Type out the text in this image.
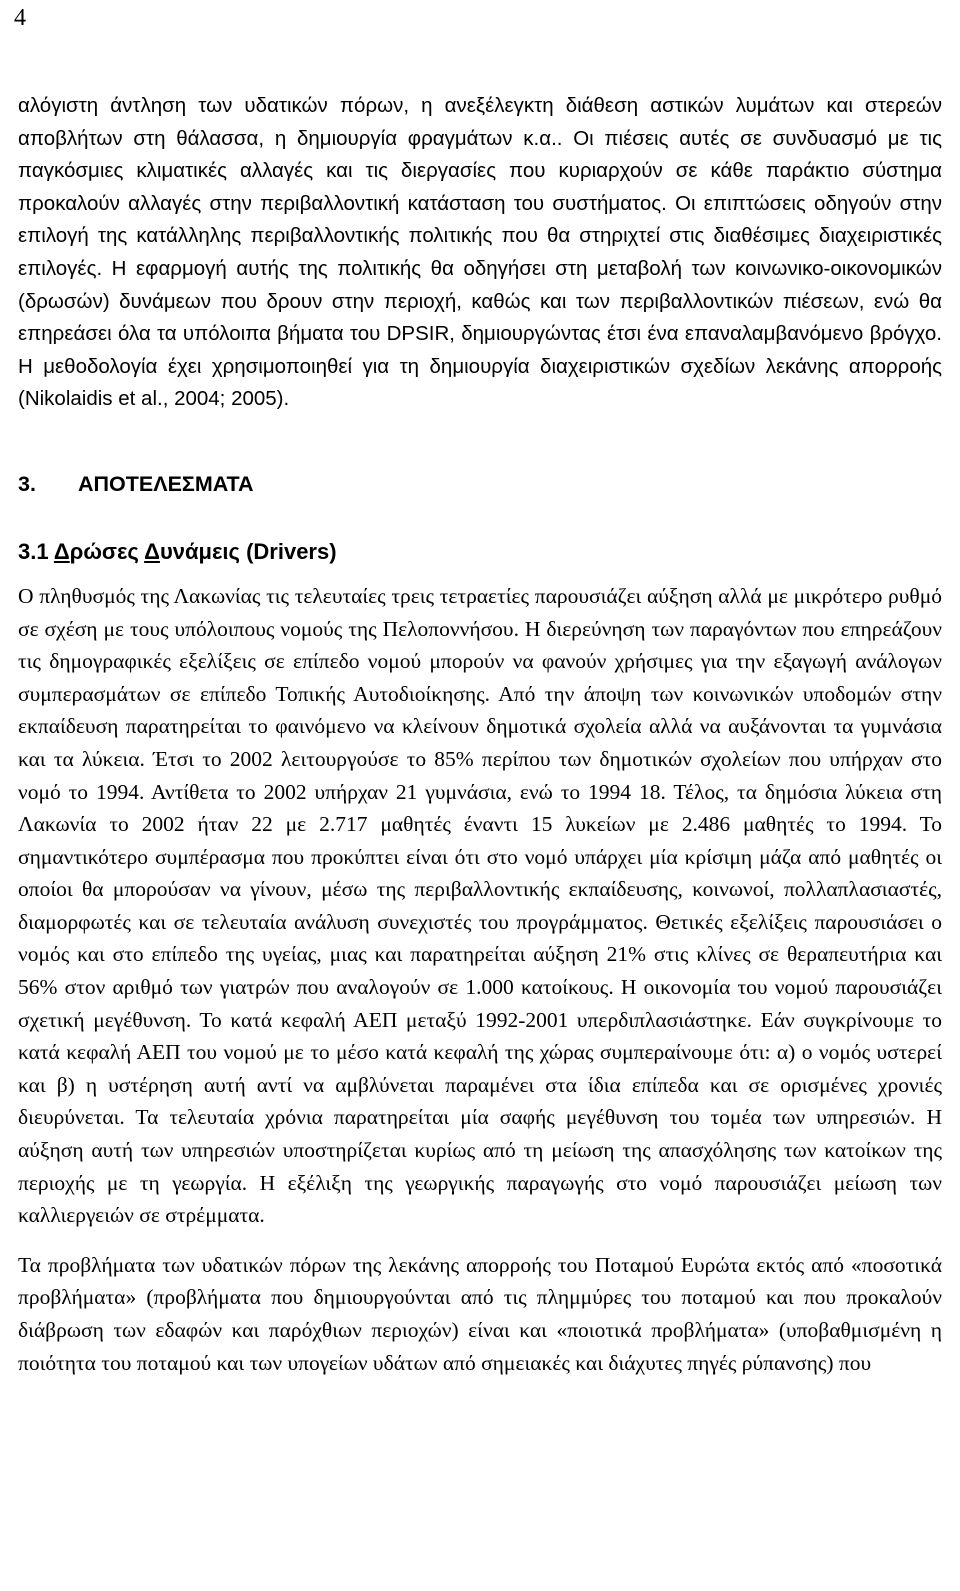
4

αλόγιστη άντληση των υδατικών πόρων, η ανεξέλεγκτη διάθεση αστικών λυμάτων και στερεών αποβλήτων στη θάλασσα, η δημιουργία φραγμάτων κ.α.. Οι πιέσεις αυτές σε συνδυασμό με τις παγκόσμιες κλιματικές αλλαγές και τις διεργασίες που κυριαρχούν σε κάθε παράκτιο σύστημα προκαλούν αλλαγές στην περιβαλλοντική κατάσταση του συστήματος. Οι επιπτώσεις οδηγούν στην επιλογή της κατάλληλης περιβαλλοντικής πολιτικής που θα στηριχτεί στις διαθέσιμες διαχειριστικές επιλογές. Η εφαρμογή αυτής της πολιτικής θα οδηγήσει στη μεταβολή των κοινωνικο-οικονομικών (δρωσών) δυνάμεων που δρουν στην περιοχή, καθώς και των περιβαλλοντικών πιέσεων, ενώ θα επηρεάσει όλα τα υπόλοιπα βήματα του DPSIR, δημιουργώντας έτσι ένα επαναλαμβανόμενο βρόγχο. Η μεθοδολογία έχει χρησιμοποιηθεί για τη δημιουργία διαχειριστικών σχεδίων λεκάνης απορροής (Nikolaidis et al., 2004; 2005).

3. ΑΠΟΤΕΛΕΣΜΑΤΑ
3.1 Δρώσες Δυνάμεις (Drivers)

Ο πληθυσμός της Λακωνίας τις τελευταίες τρεις τετραετίες παρουσιάζει αύξηση αλλά με μικρότερο ρυθμό σε σχέση με τους υπόλοιπους νομούς της Πελοποννήσου. Η διερεύνηση των παραγόντων που επηρεάζουν τις δημογραφικές εξελίξεις σε επίπεδο νομού μπορούν να φανούν χρήσιμες για την εξαγωγή ανάλογων συμπερασμάτων σε επίπεδο Τοπικής Αυτοδιοίκησης. Από την άποψη των κοινωνικών υποδομών στην εκπαίδευση παρατηρείται το φαινόμενο να κλείνουν δημοτικά σχολεία αλλά να αυξάνονται τα γυμνάσια και τα λύκεια. Έτσι το 2002 λειτουργούσε το 85% περίπου των δημοτικών σχολείων που υπήρχαν στο νομό το 1994. Αντίθετα το 2002 υπήρχαν 21 γυμνάσια, ενώ το 1994 18. Τέλος, τα δημόσια λύκεια στη Λακωνία το 2002 ήταν 22 με 2.717 μαθητές έναντι 15 λυκείων με 2.486 μαθητές το 1994. Το σημαντικότερο συμπέρασμα που προκύπτει είναι ότι στο νομό υπάρχει μία κρίσιμη μάζα από μαθητές οι οποίοι θα μπορούσαν να γίνουν, μέσω της περιβαλλοντικής εκπαίδευσης, κοινωνοί, πολλαπλασιαστές, διαμορφωτές και σε τελευταία ανάλυση συνεχιστές του προγράμματος. Θετικές εξελίξεις παρουσιάσει ο νομός και στο επίπεδο της υγείας, μιας και παρατηρείται αύξηση 21% στις κλίνες σε θεραπευτήρια και 56% στον αριθμό των γιατρών που αναλογούν σε 1.000 κατοίκους. Η οικονομία του νομού παρουσιάζει σχετική μεγέθυνση. Το κατά κεφαλή ΑΕΠ μεταξύ 1992-2001 υπερδιπλασιάστηκε. Εάν συγκρίνουμε το κατά κεφαλή ΑΕΠ του νομού με το μέσο κατά κεφαλή της χώρας συμπεραίνουμε ότι: α) ο νομός υστερεί και β) η υστέρηση αυτή αντί να αμβλύνεται παραμένει στα ίδια επίπεδα και σε ορισμένες χρονιές διευρύνεται. Τα τελευταία χρόνια παρατηρείται μία σαφής μεγέθυνση του τομέα των υπηρεσιών. Η αύξηση αυτή των υπηρεσιών υποστηρίζεται κυρίως από τη μείωση της απασχόλησης των κατοίκων της περιοχής με τη γεωργία. Η εξέλιξη της γεωργικής παραγωγής στο νομό παρουσιάζει μείωση των καλλιεργειών σε στρέμματα.

Τα προβλήματα των υδατικών πόρων της λεκάνης απορροής του Ποταμού Ευρώτα εκτός από «ποσοτικά προβλήματα» (προβλήματα που δημιουργούνται από τις πλημμύρες του ποταμού και που προκαλούν διάβρωση των εδαφών και παρόχθιων περιοχών) είναι και «ποιοτικά προβλήματα» (υποβαθμισμένη η ποιότητα του ποταμού και των υπογείων υδάτων από σημειακές και διάχυτες πηγές ρύπανσης) που
